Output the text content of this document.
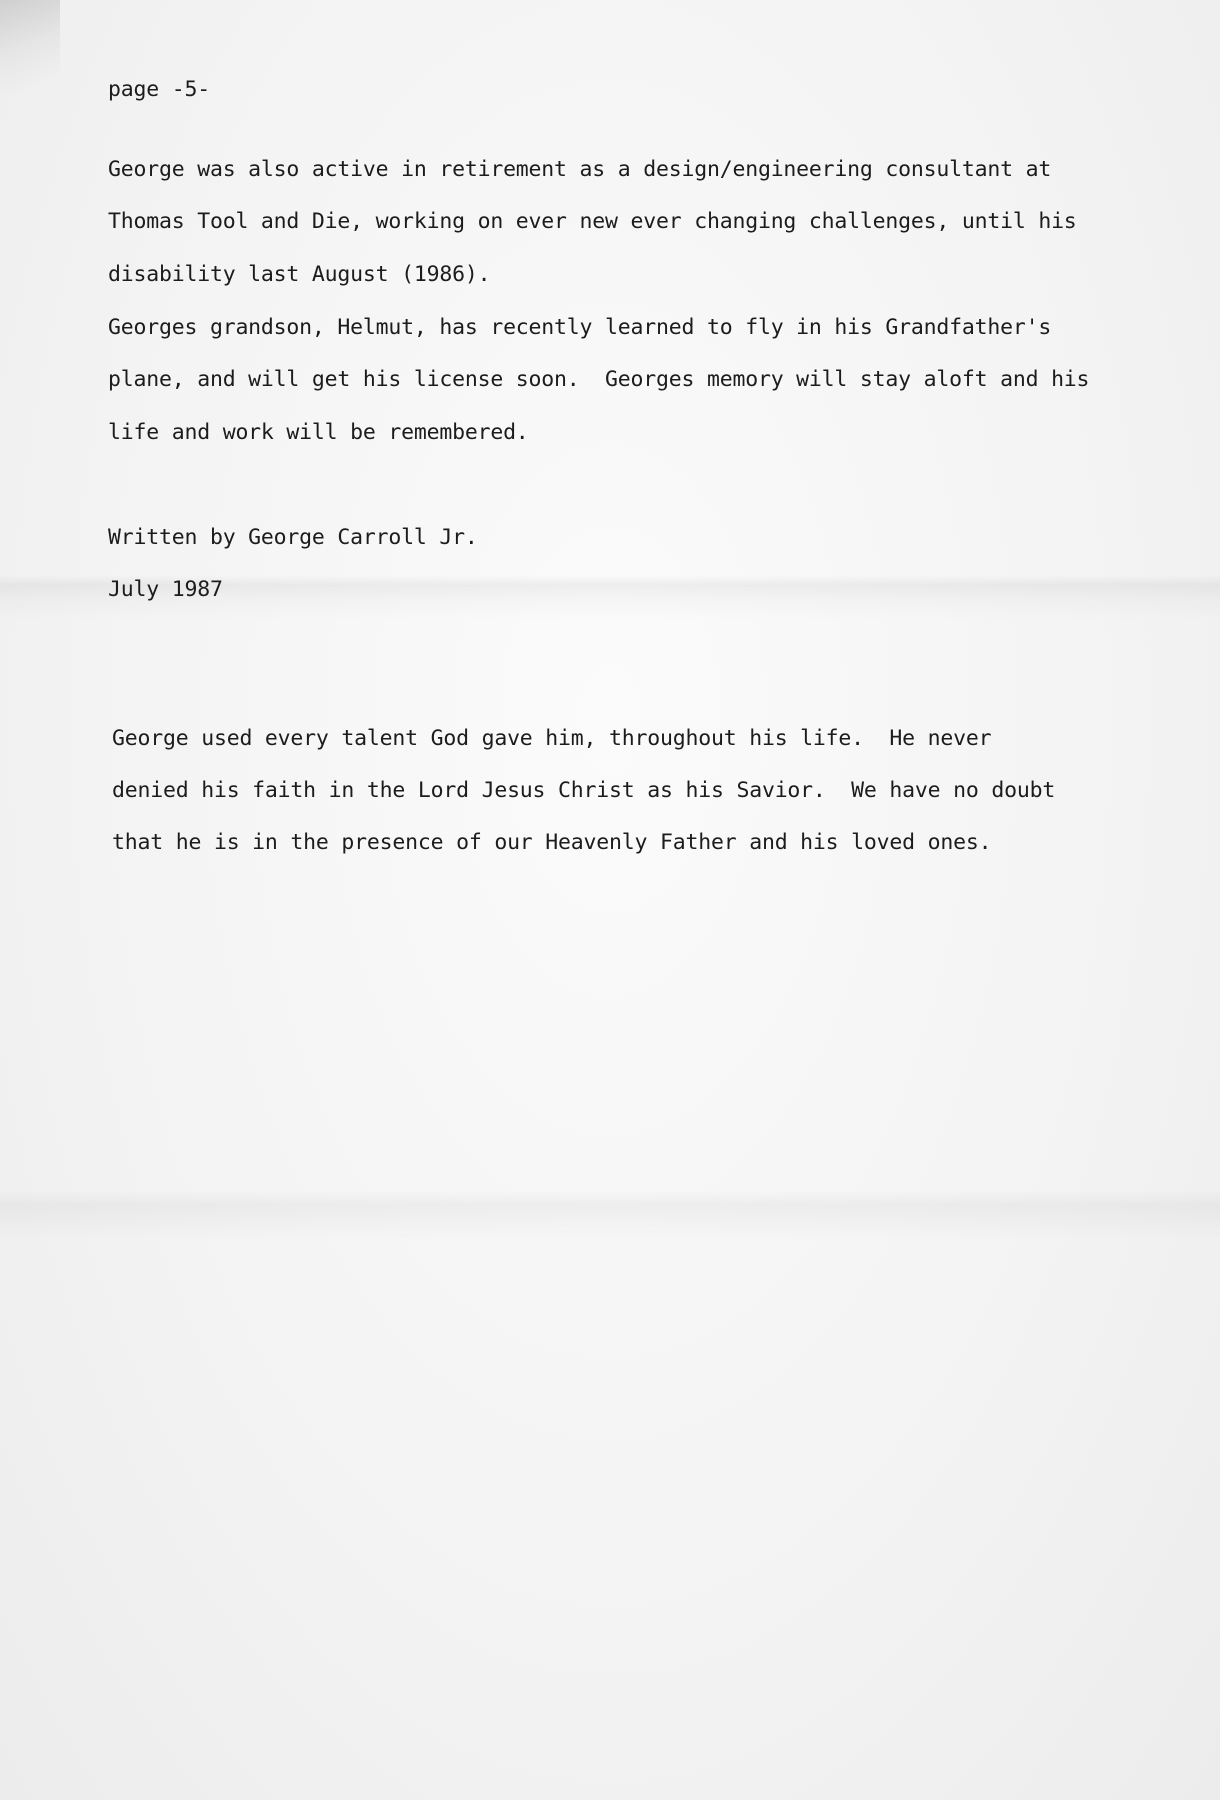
page -5-
George was also active in retirement as a design/engineering consultant at
Thomas Tool and Die, working on ever new ever changing challenges, until his
disability last August (1986).
Georges grandson, Helmut, has recently learned to fly in his Grandfather's
plane, and will get his license soon.  Georges memory will stay aloft and his
life and work will be remembered.
Written by George Carroll Jr.
July 1987
George used every talent God gave him, throughout his life.  He never
denied his faith in the Lord Jesus Christ as his Savior.  We have no doubt
that he is in the presence of our Heavenly Father and his loved ones.
